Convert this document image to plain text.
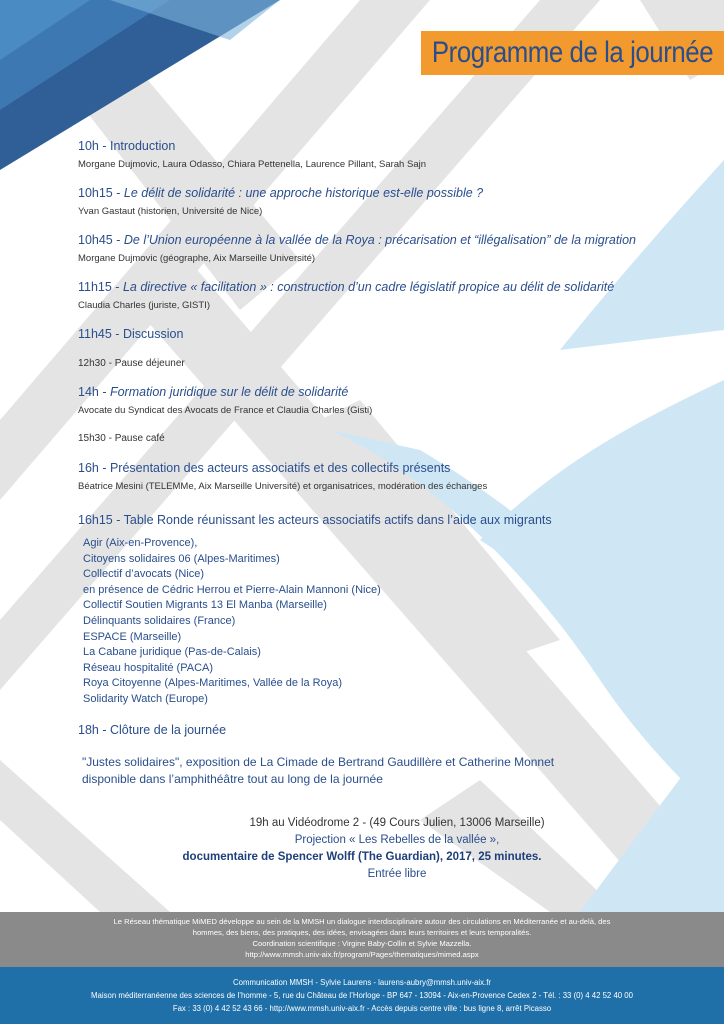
Programme de la journée
10h - Introduction
Morgane Dujmovic, Laura Odasso, Chiara Pettenella, Laurence Pillant, Sarah Sajn
10h15 - Le délit de solidarité : une approche historique est-elle possible ?
Yvan Gastaut (historien, Université de Nice)
10h45 - De l’Union européenne à la vallée de la Roya : précarisation et “illégalisation” de la migration
Morgane Dujmovic (géographe, Aix Marseille Université)
11h15 - La directive « facilitation » : construction d’un cadre législatif propice au délit de solidarité
Claudia Charles (juriste, GISTI)
11h45 - Discussion
12h30 - Pause déjeuner
14h - Formation juridique sur le délit de solidarité
Avocate du Syndicat des Avocats de France et Claudia Charles (Gisti)
15h30 - Pause café
16h - Présentation des acteurs associatifs et des collectifs présents
Béatrice Mesini (TELEMMe, Aix Marseille Université) et organisatrices, modération des échanges
16h15 - Table Ronde réunissant les acteurs associatifs actifs dans l’aide aux migrants
18h - Clôture de la journée
Agir (Aix-en-Provence),
Citoyens solidaires 06 (Alpes-Maritimes)
Collectif d’avocats (Nice)
en présence de Cédric Herrou et Pierre-Alain Mannoni (Nice)
Collectif Soutien Migrants 13 El Manba (Marseille)
Délinquants solidaires (France)
ESPACE (Marseille)
La Cabane juridique (Pas-de-Calais)
Réseau hospitalité (PACA)
Roya Citoyenne (Alpes-Maritimes, Vallée de la Roya)
Solidarity Watch (Europe)
"Justes solidaires", exposition de La Cimade de Bertrand Gaudillère et Catherine Monnet
disponible dans l’amphithéâtre tout au long de la journée
19h au Vidéodrome 2 - (49 Cours Julien, 13006 Marseille)
Projection « Les Rebelles de la vallée »,
documentaire de Spencer Wolff (The Guardian), 2017, 25 minutes.
Entrée libre
Le Réseau thématique MiMED développe au sein de la MMSH un dialogue interdisciplinaire autour des circulations en Méditerranée et au-delà, des
hommes, des biens, des pratiques, des idées, envisagées dans leurs territoires et leurs temporalités.
Coordination scientifique : Virgine Baby-Collin et Sylvie Mazzella.
http://www.mmsh.univ-aix.fr/program/Pages/thematiques/mimed.aspx
Communication MMSH - Sylvie Laurens - laurens-aubry@mmsh.univ-aix.fr
Maison méditerranéenne des sciences de l’homme - 5, rue du Château de l’Horloge - BP 647 - 13094 - Aix-en-Provence Cedex 2 - Tél. : 33 (0) 4 42 52 40 00
Fax : 33 (0) 4 42 52 43 66 - http://www.mmsh.univ-aix.fr - Accès depuis centre ville : bus ligne 8, arrêt Picasso
